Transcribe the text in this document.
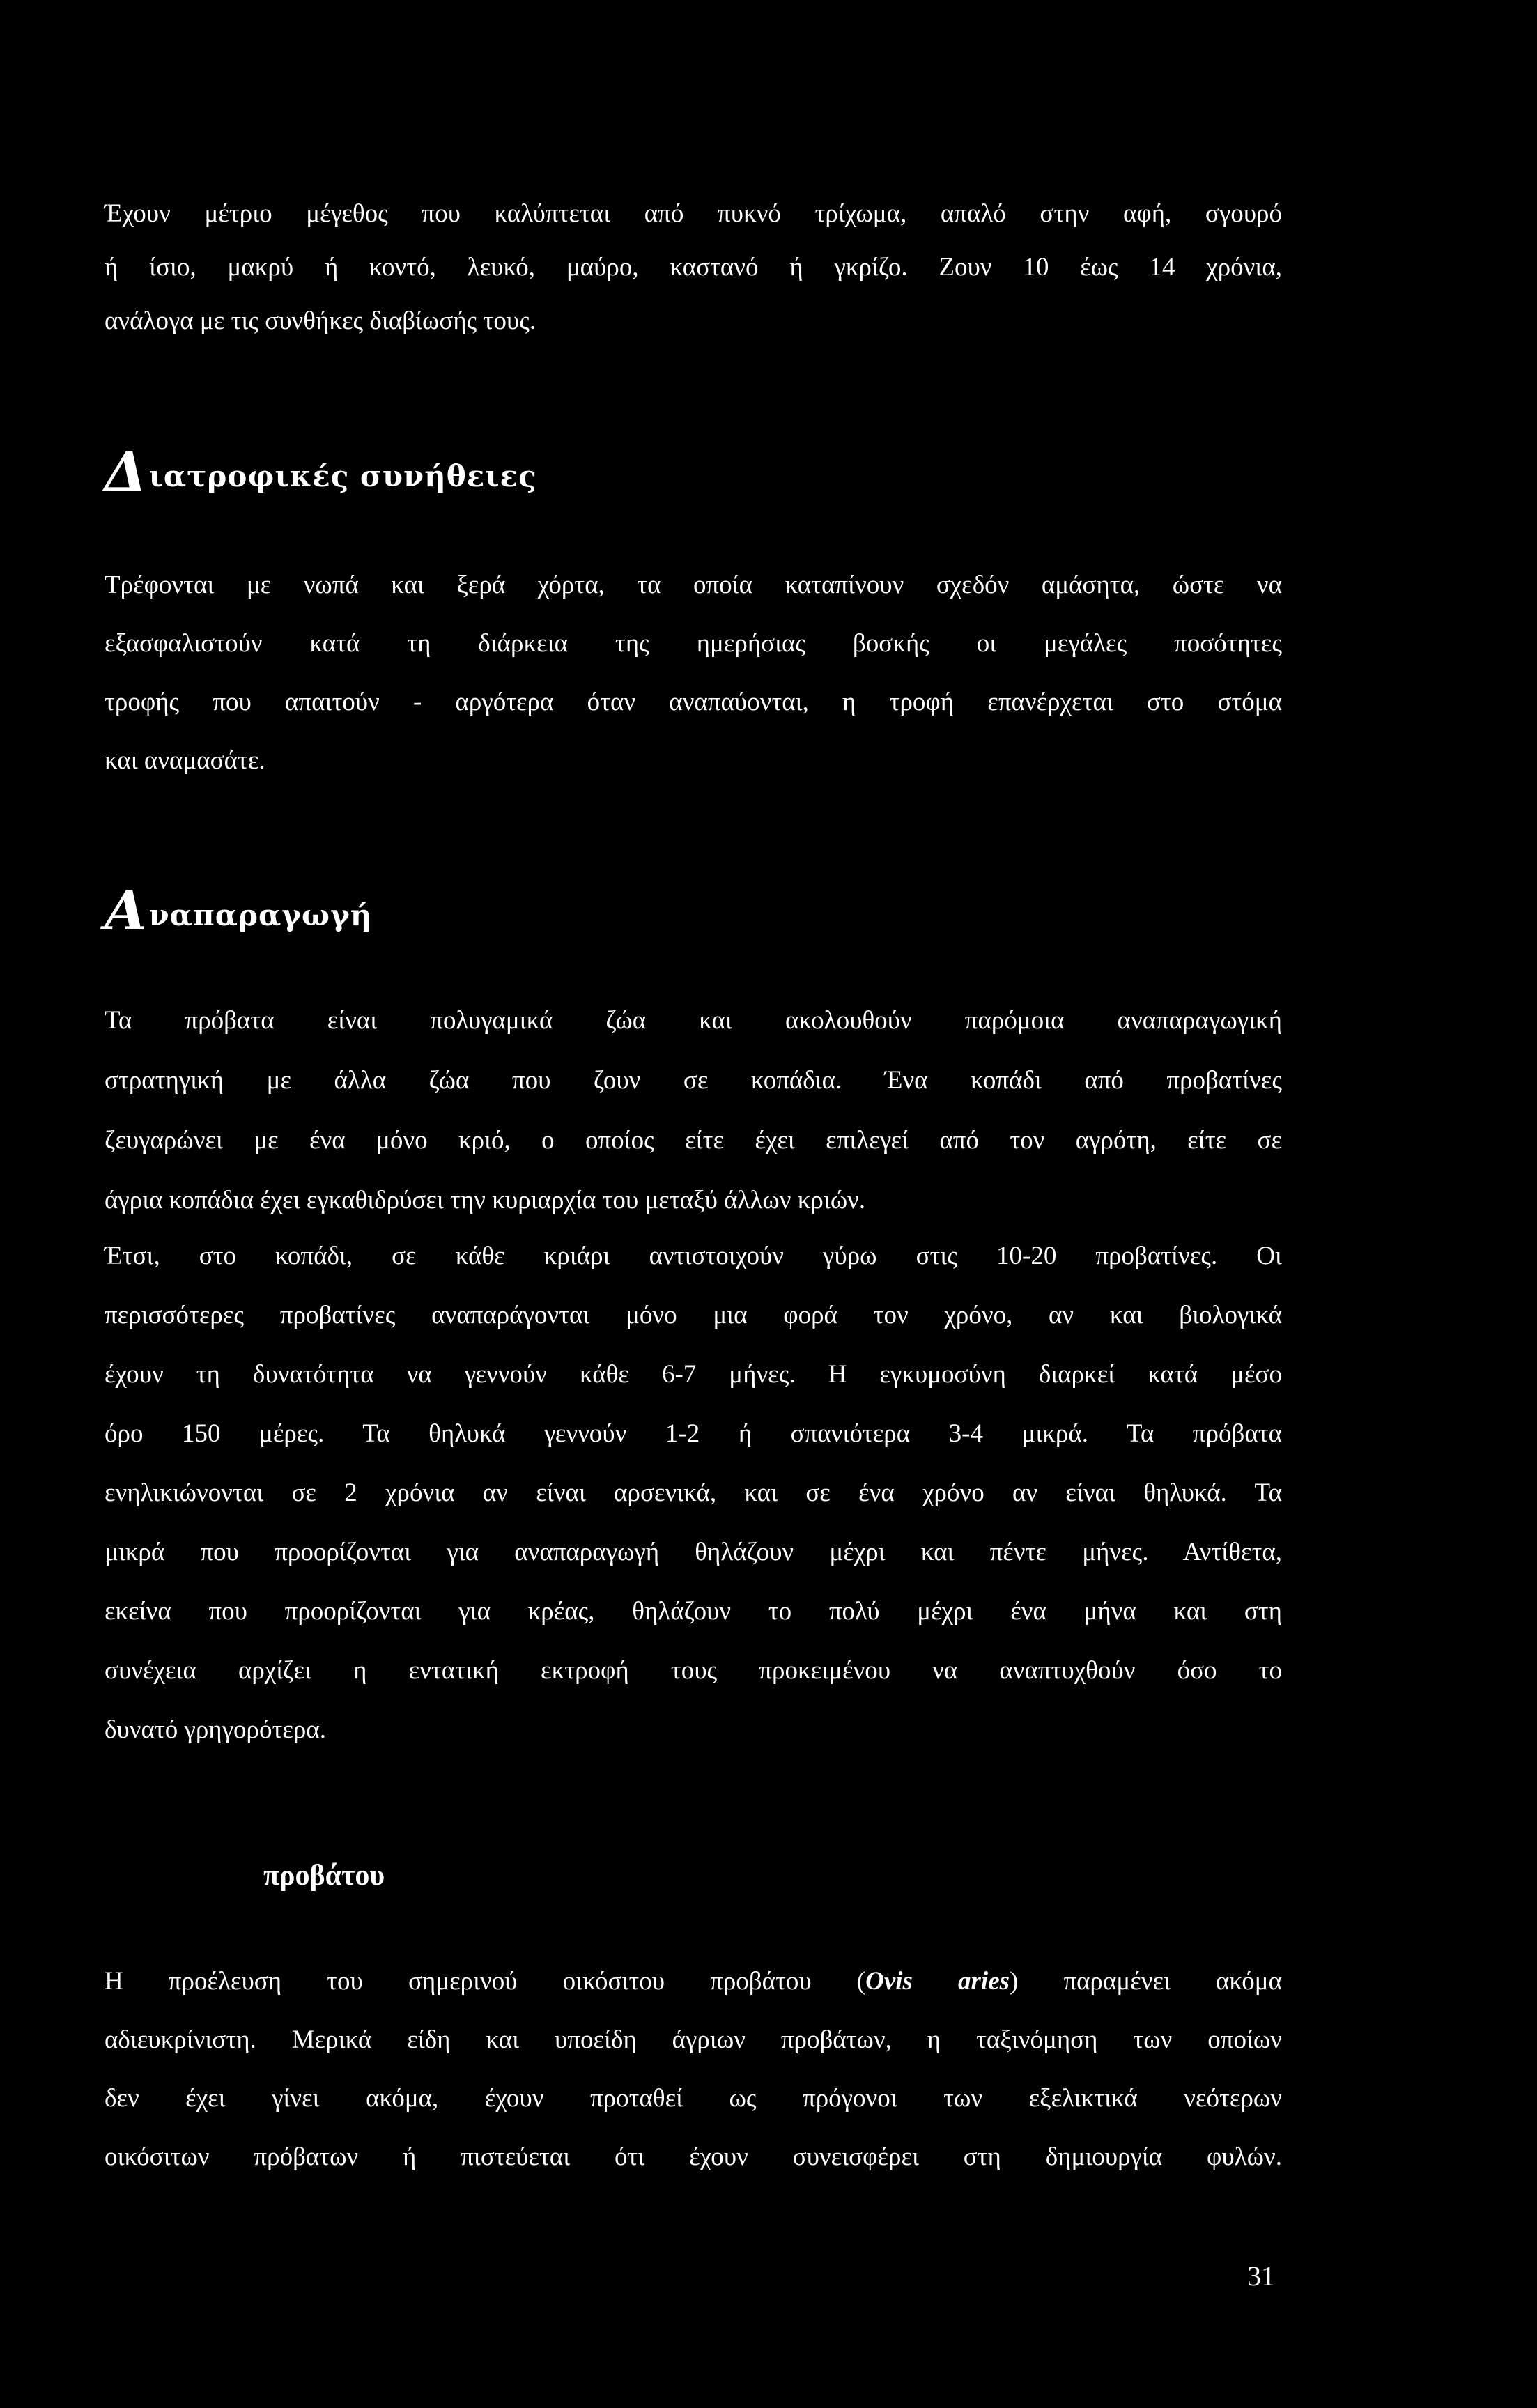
Έχουν μέτριο μέγεθος που καλύπτεται από πυκνό τρίχωμα, απαλό στην αφή, σγουρό
ή ίσιο, μακρύ ή κοντό, λευκό, μαύρο, καστανό ή γκρίζο. Ζουν 10 έως 14 χρόνια,
ανάλογα με τις συνθήκες διαβίωσής τους.
Διατροφικές συνήθειες
Τρέφονται με νωπά και ξερά χόρτα, τα οποία καταπίνουν σχεδόν αμάσητα, ώστε να
εξασφαλιστούν κατά τη διάρκεια της ημερήσιας βοσκής οι μεγάλες ποσότητες
τροφής που απαιτούν - αργότερα όταν αναπαύονται, η τροφή επανέρχεται στο στόμα
και αναμασάτε.
Αναπαραγωγή
Τα πρόβατα είναι πολυγαμικά ζώα και ακολουθούν παρόμοια αναπαραγωγική
στρατηγική με άλλα ζώα που ζουν σε κοπάδια. Ένα κοπάδι από προβατίνες
ζευγαρώνει με ένα μόνο κριό, ο οποίος είτε έχει επιλεγεί από τον αγρότη, είτε σε
άγρια κοπάδια έχει εγκαθιδρύσει την κυριαρχία του μεταξύ άλλων κριών.
Έτσι, στο κοπάδι, σε κάθε κριάρι αντιστοιχούν γύρω στις 10-20 προβατίνες. Οι
περισσότερες προβατίνες αναπαράγονται μόνο μια φορά τον χρόνο, αν και βιολογικά
έχουν τη δυνατότητα να γεννούν κάθε 6-7 μήνες. Η εγκυμοσύνη διαρκεί κατά μέσο
όρο 150 μέρες. Τα θηλυκά γεννούν 1-2 ή σπανιότερα 3-4 μικρά. Τα πρόβατα
ενηλικιώνονται σε 2 χρόνια αν είναι αρσενικά, και σε ένα χρόνο αν είναι θηλυκά. Τα
μικρά που προορίζονται για αναπαραγωγή θηλάζουν μέχρι και πέντε μήνες. Αντίθετα,
εκείνα που προορίζονται για κρέας, θηλάζουν το πολύ μέχρι ένα μήνα και στη
συνέχεια αρχίζει η εντατική εκτροφή τους προκειμένου να αναπτυχθούν όσο το
δυνατό γρηγορότερα.
προβάτου
Η προέλευση του σημερινού οικόσιτου προβάτου (Ovis aries) παραμένει ακόμα
αδιευκρίνιστη. Μερικά είδη και υποείδη άγριων προβάτων, η ταξινόμηση των οποίων
δεν έχει γίνει ακόμα, έχουν προταθεί ως πρόγονοι των εξελικτικά νεότερων
οικόσιτων πρόβατων ή πιστεύεται ότι έχουν συνεισφέρει στη δημιουργία φυλών.
31
